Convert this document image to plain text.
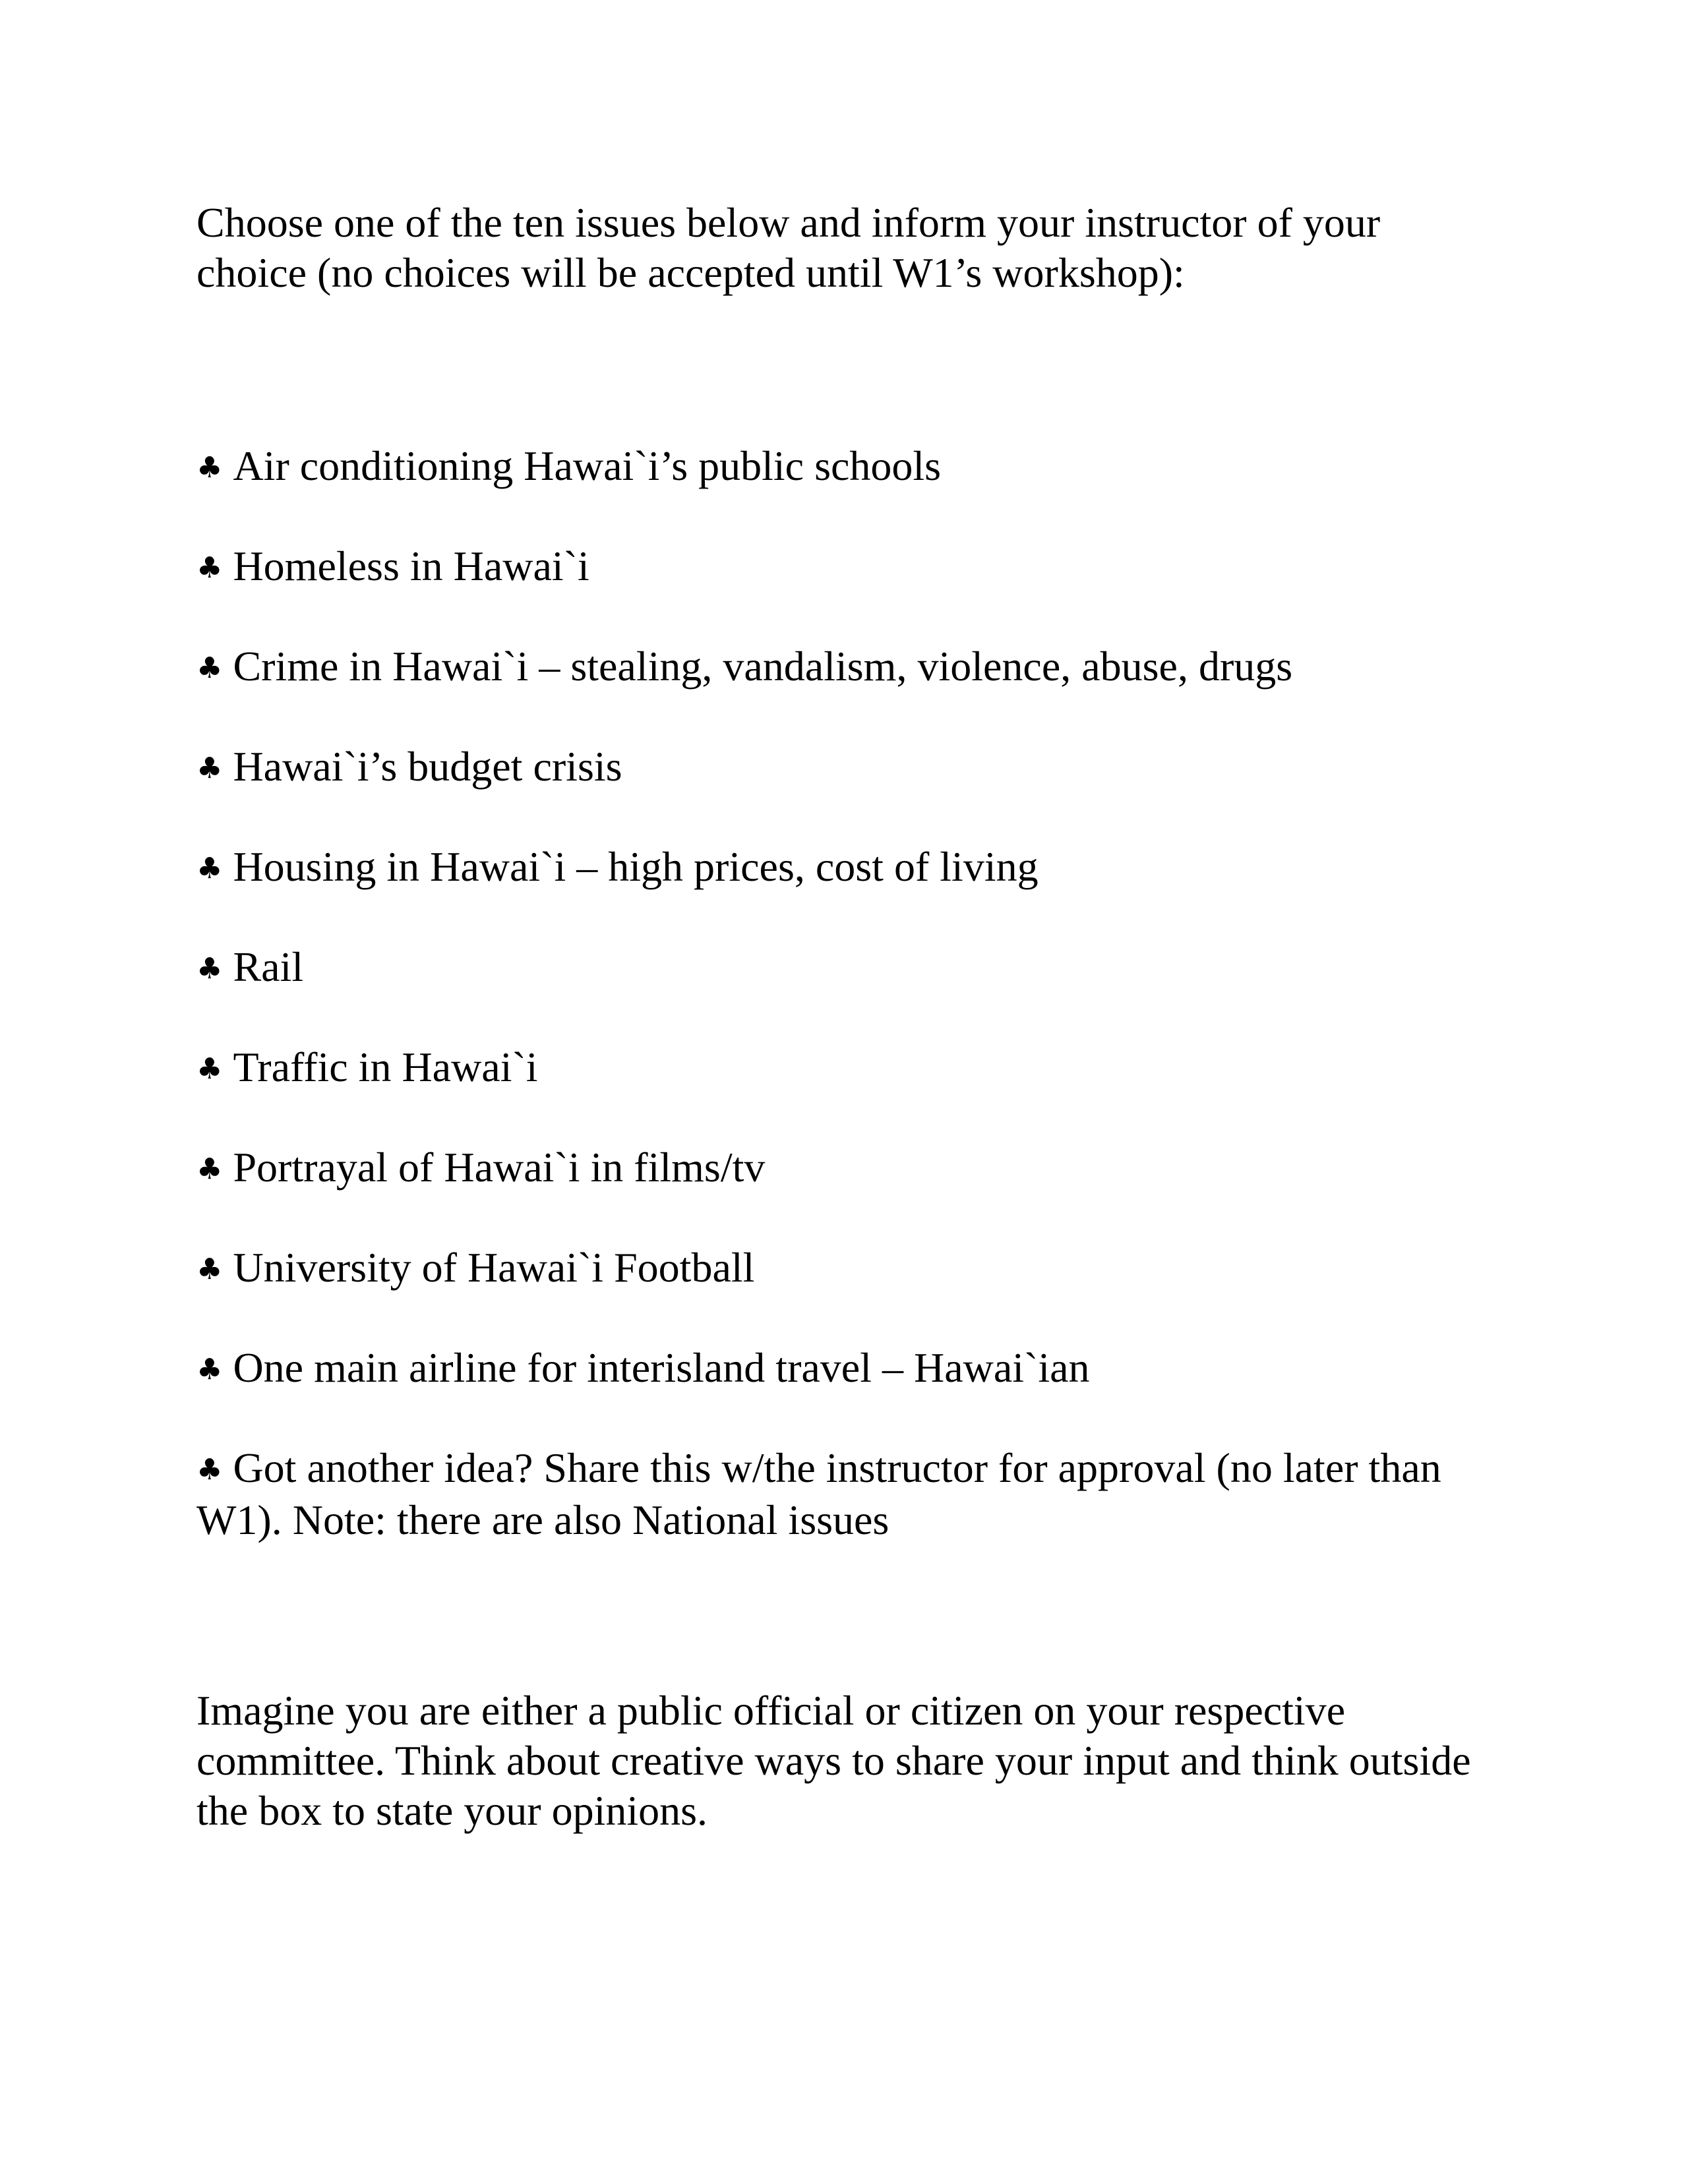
Choose one of the ten issues below and inform your instructor of your choice (no choices will be accepted until W1’s workshop):

♣ Air conditioning Hawai`i’s public schools
♣ Homeless in Hawai`i
♣ Crime in Hawai`i – stealing, vandalism, violence, abuse, drugs
♣ Hawai`i’s budget crisis
♣ Housing in Hawai`i – high prices, cost of living
♣ Rail
♣ Traffic in Hawai`i
♣ Portrayal of Hawai`i in films/tv
♣ University of Hawai`i Football
♣ One main airline for interisland travel – Hawai`ian
♣ Got another idea? Share this w/the instructor for approval (no later than W1). Note: there are also National issues

Imagine you are either a public official or citizen on your respective committee. Think about creative ways to share your input and think outside the box to state your opinions.
